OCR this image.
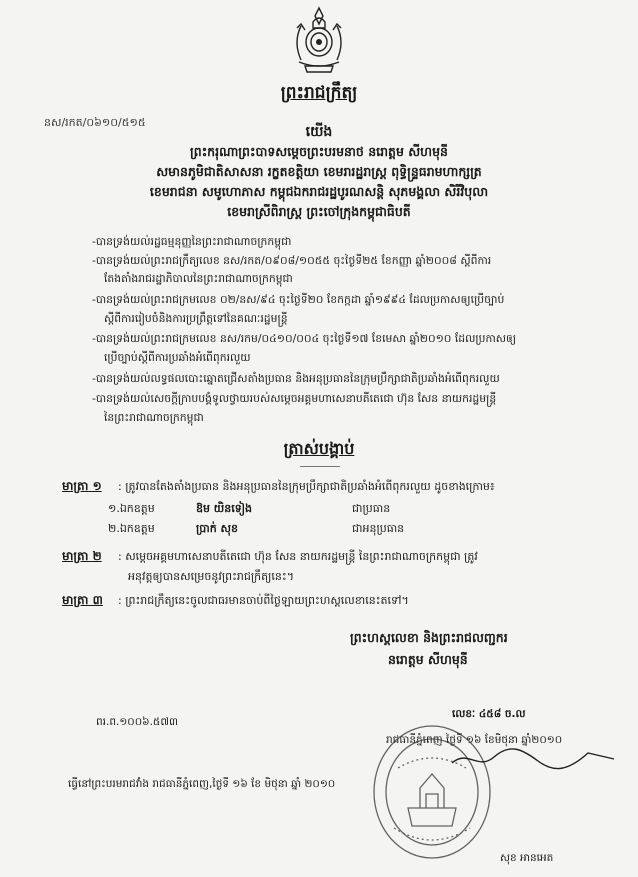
ព្រះរាជក្រឹត្យ
នស/រកត/០៦១០/៥១៥
យើង
ព្រះករុណាព្រះបាទសម្តេចព្រះបរមនាថ នរោត្តម សីហមុនី
សមានភូមិជាតិសាសនា រក្ខតខត្តិយា ខេមរារដ្ឋរាស្ត្រ ពុទ្ធិន្ទ្រធរាមហាក្សត្រ
ខេមរាជនា សមូហោភាស កម្ពុជឯករាជរដ្ឋបូរណសន្តិ សុភមង្គលា សិរីវិបុលា
ខេមរាស្រីពិរាស្ត្រ ព្រះចៅក្រុងកម្ពុជាធិបតី
-បានទ្រង់យល់រដ្ឋធម្មនុញ្ញនៃព្រះរាជាណាចក្រកម្ពុជា
-បានទ្រង់យល់ព្រះរាជក្រឹត្យលេខ នស/រកត/០៩០៨/១០៥៥ ចុះថ្ងៃទី២៥ ខែកញ្ញា ឆ្នាំ២០០៨ ស្តីពីការ
តែងតាំងរាជរដ្ឋាភិបាលនៃព្រះរាជាណាចក្រកម្ពុជា
-បានទ្រង់យល់ព្រះរាជក្រមលេខ ០២/នស/៩៤ ចុះថ្ងៃទី២០ ខែកក្កដា ឆ្នាំ១៩៩៤ ដែលប្រកាសឲ្យប្រើច្បាប់
ស្តីពីការរៀបចំនិងការប្រព្រឹត្តទៅនៃគណៈរដ្ឋមន្ត្រី
-បានទ្រង់យល់ព្រះរាជក្រមលេខ នស/រកម/០៤១០/០០៤ ចុះថ្ងៃទី១៧ ខែមេសា ឆ្នាំ២០១០ ដែលប្រកាសឲ្យ
ប្រើច្បាប់ស្តីពីការប្រឆាំងអំពើពុករលួយ
-បានទ្រង់យល់លទ្ធផលបោះឆ្នោតជ្រើសតាំងប្រធាន និងអនុប្រធាននៃក្រុមប្រឹក្សាជាតិប្រឆាំងអំពើពុករលួយ
-បានទ្រង់យល់សេចក្តីក្រាបបង្គំទូលថ្វាយរបស់សម្តេចអគ្គមហាសេនាបតីតេជោ ហ៊ុន សែន នាយករដ្ឋមន្ត្រី
នៃព្រះរាជាណាចក្រកម្ពុជា
ត្រាស់បង្គាប់
មាត្រា ១ : ត្រូវបានតែងតាំងប្រធាន និងអនុប្រធាននៃក្រុមប្រឹក្សាជាតិប្រឆាំងអំពើពុករលួយ ដូចខាងក្រោម៖
១.ឯកឧត្តម	ឱម យិនទៀង	ជាប្រធាន
២.ឯកឧត្តម	ប្រាក់ សុខ	ជាអនុប្រធាន
មាត្រា ២ : សម្តេចអគ្គមហាសេនាបតីតេជោ ហ៊ុន សែន នាយករដ្ឋមន្ត្រី នៃព្រះរាជាណាចក្រកម្ពុជា ត្រូវ
អនុវត្តឲ្យបានសម្រេចនូវព្រះរាជក្រឹត្យនេះ។
មាត្រា ៣ : ព្រះរាជក្រឹត្យនេះចូលជាធរមានចាប់ពីថ្ងៃឡាយព្រះហស្តលេខានេះតទៅ។
ព្រះហស្តលេខា និងព្រះរាជលញ្ជករ
នរោត្តម សីហមុនី
ពរ.ព.១០០៦.៥៧៣
លេខៈ ៤៥៨ ច.ល
រាជធានីភ្នំពេញ ថ្ងៃទី ១៦ ខែមិថុនា ឆ្នាំ២០១០
ធ្វើនៅព្រះបរមរាជវាំង រាជធានីភ្នំពេញ,ថ្ងៃទី ១៦ ខែ មិថុនា ឆ្នាំ ២០១០
សុខ អានអេត
